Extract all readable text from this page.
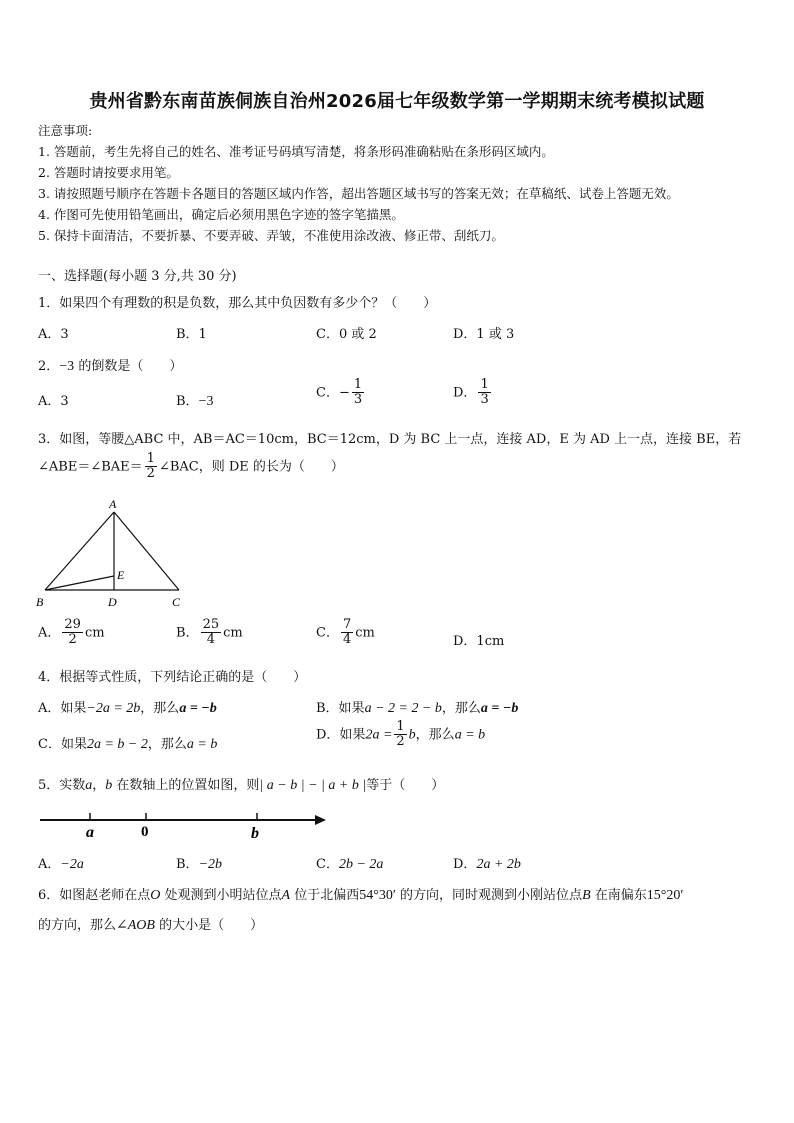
贵州省黔东南苗族侗族自治州2026届七年级数学第一学期期末统考模拟试题
注意事项:
1. 答题前，考生先将自己的姓名、准考证号码填写清楚，将条形码准确粘贴在条形码区域内。
2. 答题时请按要求用笔。
3. 请按照题号顺序在答题卡各题目的答题区域内作答，超出答题区域书写的答案无效；在草稿纸、试卷上答题无效。
4. 作图可先使用铅笔画出，确定后必须用黑色字迹的签字笔描黑。
5. 保持卡面清洁，不要折暴、不要弄破、弄皱，不准使用涂改液、修正带、刮纸刀。
一、选择题(每小题 3 分,共 30 分)
1．如果四个有理数的积是负数，那么其中负因数有多少个？（　　）
A．3	B．1	C．0 或 2	D．1 或 3
2．−3 的倒数是（　　）
A．3	B．−3
C．− $\frac{1}{3}$	D． $\frac{1}{3}$
3．如图，等腰△ABC 中，AB＝AC＝10cm，BC＝12cm，D 为 BC 上一点，连接 AD，E 为 AD 上一点，连接 BE，若
∠ABE＝∠BAE＝ $\frac{1}{2}$ ∠BAC，则 DE 的长为（　　）
A
B	C
D
E
A． $\frac{29}{2}$ cm	B． $\frac{25}{4}$ cm	C． $\frac{7}{4}$ cm
D．1cm
4．根据等式性质，下列结论正确的是（　　）
A．如果−2a = 2b，那么a = −b	B．如果a − 2 = 2 − b，那么a = −b
C．如果2a = b − 2，那么a = b
D．如果$2a = \frac{1}{2}$ b，那么a = b
5．实数a，b 在数轴上的位置如图，则| a − b | − | a + b |等于（　　）
a	0	b
A．−2a	B．−2b	C．2b − 2a	D．2a + 2b
6．如图赵老师在点O 处观测到小明站位点A 位于北偏西54°30′ 的方向，同时观测到小刚站位点B 在南偏东15°20′
的方向，那么∠AOB 的大小是（　　）
